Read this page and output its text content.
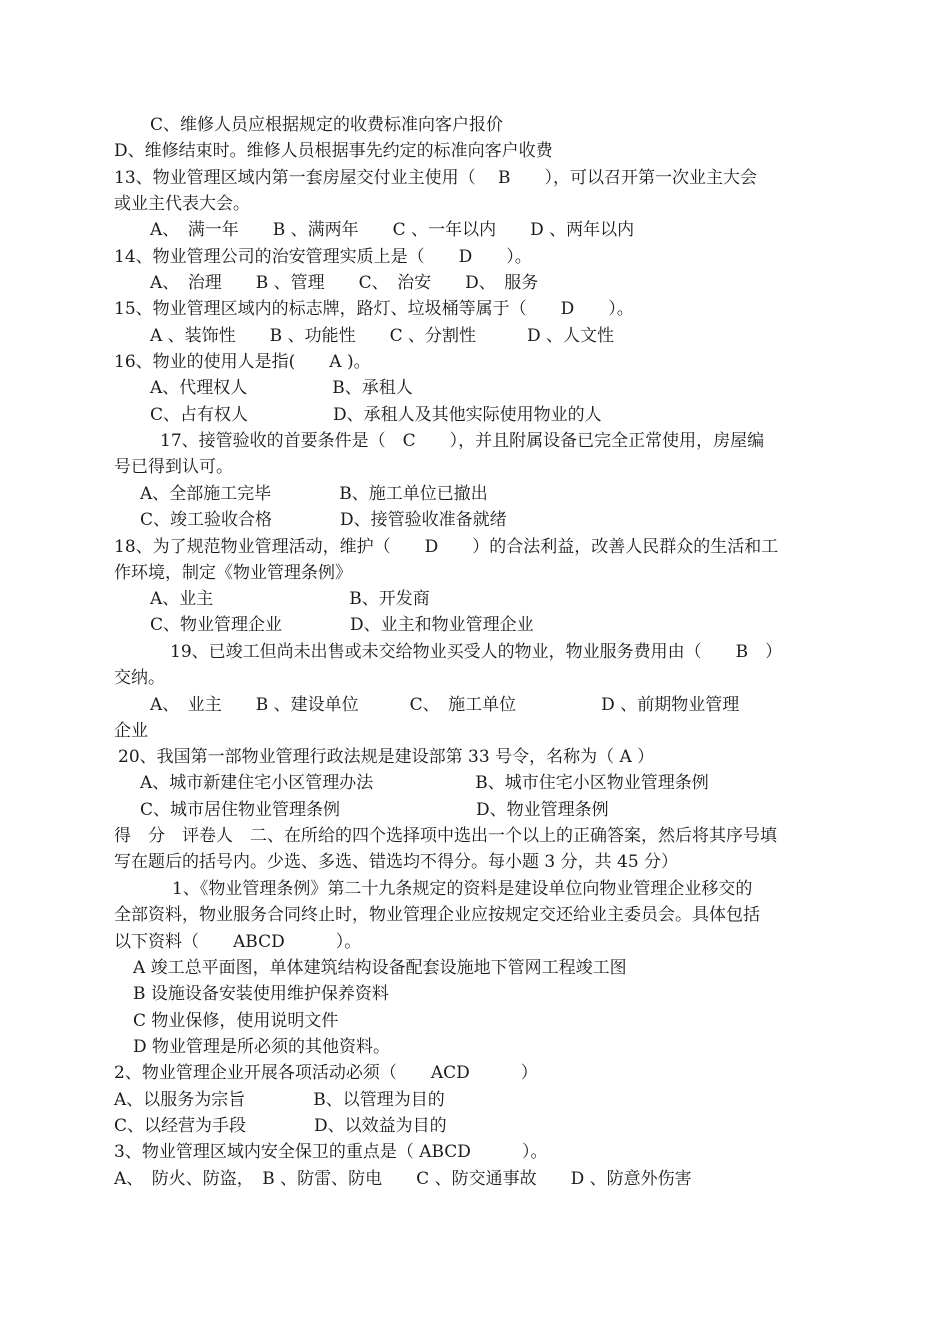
C、维修人员应根据规定的收费标准向客户报价
D、维修结束时。维修人员根据事先约定的标准向客户收费
13、物业管理区域内第一套房屋交付业主使用（　 B　　），可以召开第一次业主大会
或业主代表大会。
A、　满一年　　B 、满两年　　C 、一年以内　　D 、两年以内
14、物业管理公司的治安管理实质上是（　　D　　）。
A、　治理　　B 、管理　　C、　治安　　D、　服务
15、物业管理区域内的标志牌，路灯、垃圾桶等属于（　　D　　）。
A 、装饰性　　B 、功能性　　C 、分割性　　　D 、人文性
16、物业的使用人是指(　　A )。
A、代理权人　　　　　B、承租人
C、占有权人　　　　　D、承租人及其他实际使用物业的人
17、接管验收的首要条件是（　C　　），并且附属设备已完全正常使用，房屋编
号已得到认可。
A、全部施工完毕　　　　B、施工单位已撤出
C、竣工验收合格　　　　D、接管验收准备就绪
18、为了规范物业管理活动，维护（　　D　　）的合法利益，改善人民群众的生活和工
作环境，制定《物业管理条例》
A、业主　　　　　　　　B、开发商
C、物业管理企业　　　　D、业主和物业管理企业
19、已竣工但尚未出售或未交给物业买受人的物业，物业服务费用由（　　B　）
交纳。
A、　业主　　B 、建设单位　　　C、　施工单位　　　　　D 、前期物业管理
企业
20、我国第一部物业管理行政法规是建设部第 33 号令，名称为（ A ）
A、城市新建住宅小区管理办法　　　　　　B、城市住宅小区物业管理条例
C、城市居住物业管理条例　　　　　　　　D、物业管理条例
得　分　评卷人　二、在所给的四个选择项中选出一个以上的正确答案，然后将其序号填
写在题后的括号内。少选、多选、错选均不得分。每小题 3 分，共 45 分）
1、《物业管理条例》第二十九条规定的资料是建设单位向物业管理企业移交的
全部资料，物业服务合同终止时，物业管理企业应按规定交还给业主委员会。具体包括
以下资料（　　ABCD　　　）。
A 竣工总平面图，单体建筑结构设备配套设施地下管网工程竣工图
B 设施设备安装使用维护保养资料
C 物业保修，使用说明文件
D 物业管理是所必须的其他资料。
2、物业管理企业开展各项活动必须（　　ACD　　　）
A、以服务为宗旨　　　　B、以管理为目的
C、以经营为手段　　　　D、以效益为目的
3、物业管理区域内安全保卫的重点是（ ABCD　　　）。
A、　防火、防盗，　B 、防雷、防电　　C 、防交通事故　　D 、防意外伤害
